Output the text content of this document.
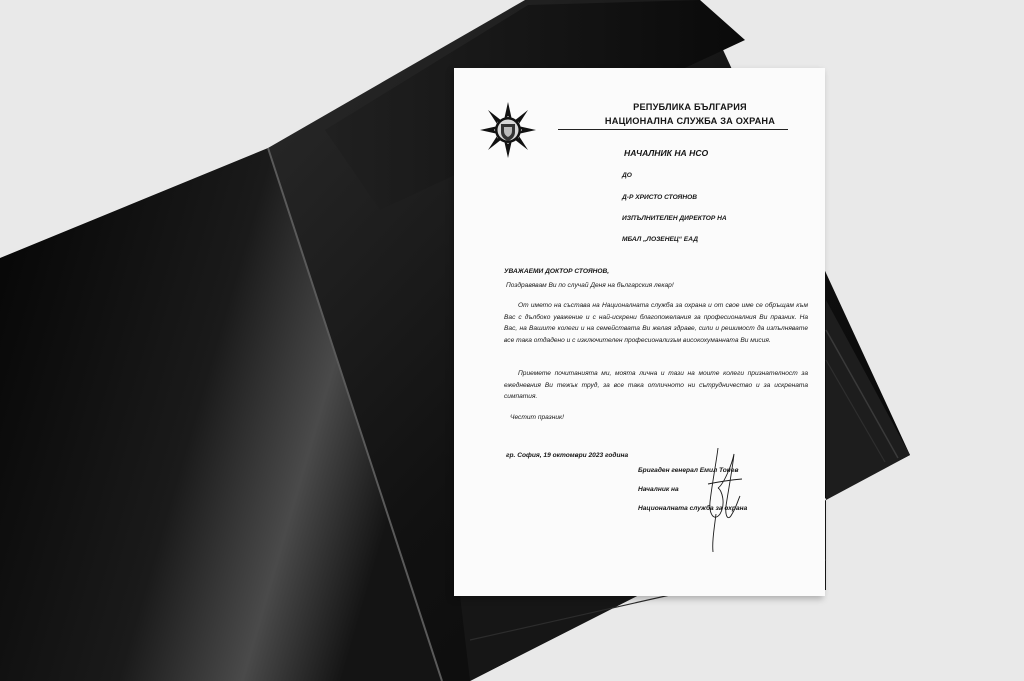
РЕПУБЛИКА БЪЛГАРИЯ
НАЦИОНАЛНА СЛУЖБА ЗА ОХРАНА
НАЧАЛНИК НА НСО
ДО
Д-Р ХРИСТО СТОЯНОВ
ИЗПЪЛНИТЕЛЕН ДИРЕКТОР НА
МБАЛ „ЛОЗЕНЕЦ“ ЕАД
УВАЖАЕМИ ДОКТОР СТОЯНОВ,
Поздравявам Ви по случай Деня на българския лекар!
От името на състава на Националната служба за охрана и от свое име се обръщам към Вас с дълбоко уважение и с най-искрени благопожелания за професионалния Ви празник. На Вас, на Вашите колеги и на семействата Ви желая здраве, сили и решимост да изпълнявате все така отдадено и с изключителен професионализъм високохуманната Ви мисия.
Приемете почитанията ми, моята лична и тази на моите колеги признателност за ежедневния Ви тежък труд, за все така отличното ни сътрудничество и за искрената симпатия.
Честит празник!
гр. София, 19 октомври 2023 година
Бригаден генерал Емил Тонев
Началник на
Националната служба за охрана
